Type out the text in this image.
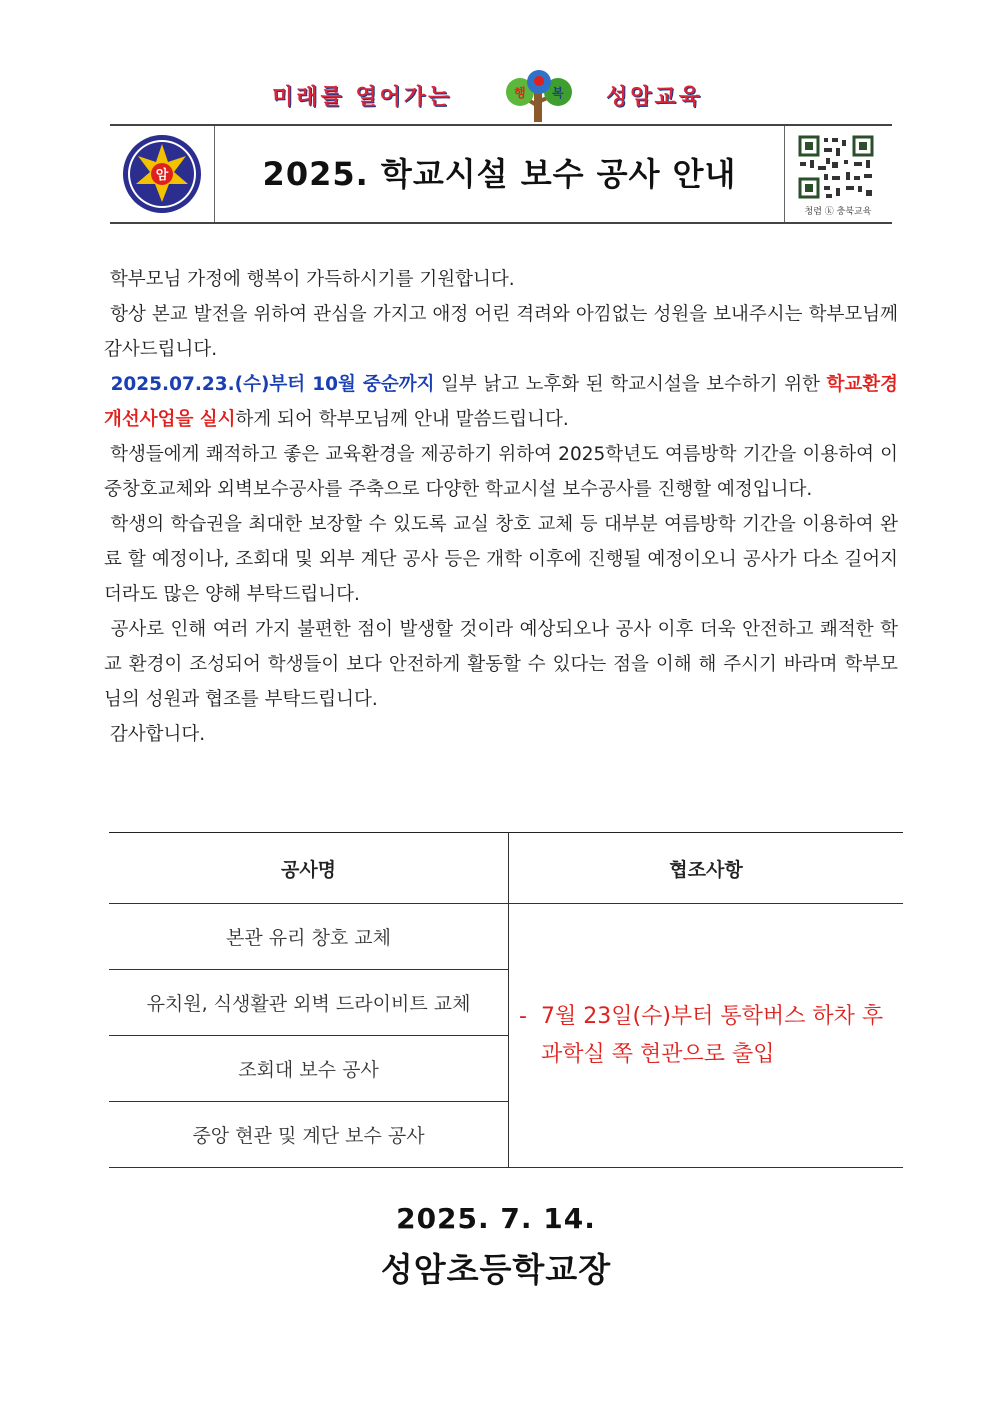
미래를 열어가는	행 복 성암교육
암	2025. 학교시설 보수 공사 안내
청렴 ⓚ 충북교육

학부모님 가정에 행복이 가득하시기를 기원합니다.

항상 본교 발전을 위하여 관심을 가지고 애정 어린 격려와 아낌없는 성원을 보내주시는 학부모님께 감사드립니다.

2025.07.23.(수)부터 10월 중순까지 일부 낡고 노후화 된 학교시설을 보수하기 위한 학교환경개선사업을 실시하게 되어 학부모님께 안내 말씀드립니다.

학생들에게 쾌적하고 좋은 교육환경을 제공하기 위하여 2025학년도 여름방학 기간을 이용하여 이중창호교체와 외벽보수공사를 주축으로 다양한 학교시설 보수공사를 진행할 예정입니다.

학생의 학습권을 최대한 보장할 수 있도록 교실 창호 교체 등 대부분 여름방학 기간을 이용하여 완료 할 예정이나, 조회대 및 외부 계단 공사 등은 개학 이후에 진행될 예정이오니 공사가 다소 길어지더라도 많은 양해 부탁드립니다.

공사로 인해 여러 가지 불편한 점이 발생할 것이라 예상되오나 공사 이후 더욱 안전하고 쾌적한 학교 환경이 조성되어 학생들이 보다 안전하게 활동할 수 있다는 점을 이해 해 주시기 바라며 학부모님의 성원과 협조를 부탁드립니다.

감사합니다.

공사명	협조사항
본관 유리 창호 교체	- 7월 23일(수)부터 통학버스 하차 후
과학실 쪽 현관으로 출입

유치원, 식생활관 외벽 드라이비트 교체	
조회대 보수 공사	
중앙 현관 및 계단 보수 공사	
2025. 7. 14.
성암초등학교장
